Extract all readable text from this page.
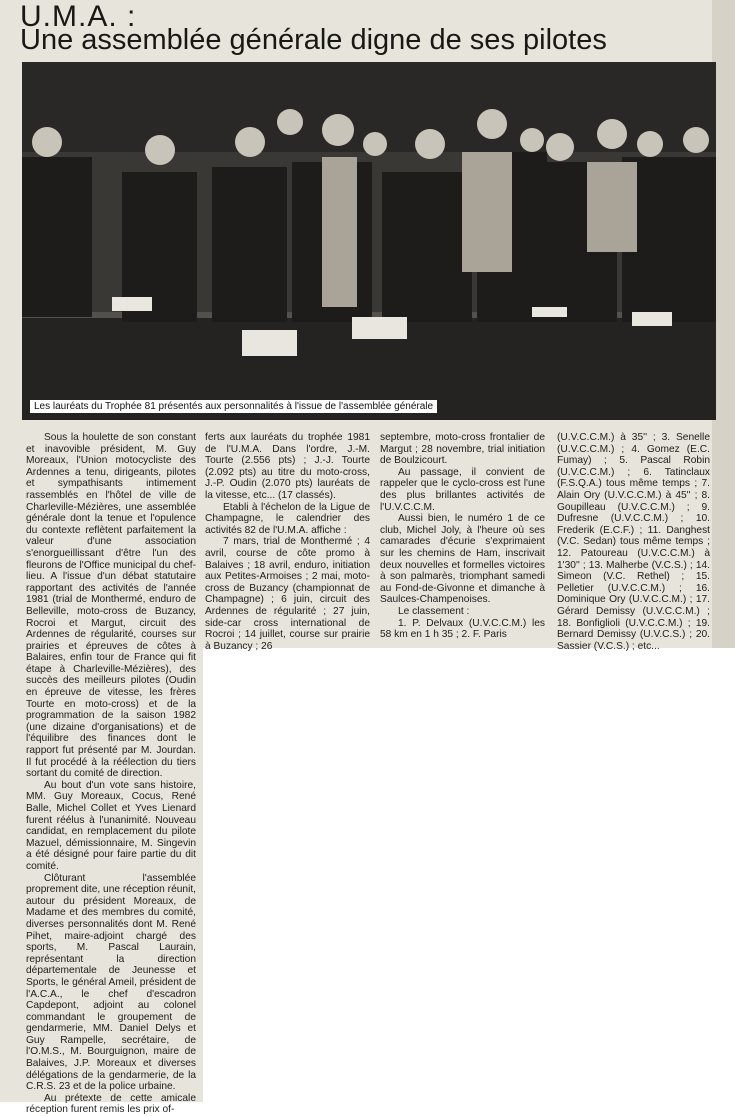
U.M.A. :
Une assemblée générale digne de ses pilotes
Les lauréats du Trophée 81 présentés aux personnalités à l'issue de l'assemblée générale

Sous la houlette de son constant et inavovible président, M. Guy Moreaux, l'Union motocycliste des Ardennes a tenu, dirigeants, pilotes et sympathisants intimement rassemblés en l'hôtel de ville de Charleville-Mézières, une assemblée générale dont la tenue et l'opulence du contexte reflètent parfaitement la valeur d'une association s'enorgueillissant d'être l'un des fleurons de l'Office municipal du chef-lieu. A l'issue d'un débat statutaire rapportant des activités de l'année 1981 (trial de Monthermé, enduro de Belleville, moto-cross de Buzancy, Rocroi et Margut, circuit des Ardennes de régularité, courses sur prairies et épreuves de côtes à Balaires, enfin tour de France qui fit étape à Charleville-Mézières), des succès des meilleurs pilotes (Oudin en épreuve de vitesse, les frères Tourte en moto-cross) et de la programmation de la saison 1982 (une dizaine d'organisations) et de l'équilibre des finances dont le rapport fut présenté par M. Jourdan. Il fut procédé à la réélection du tiers sortant du comité de direction.

Au bout d'un vote sans histoire, MM. Guy Moreaux, Cocus, René Balle, Michel Collet et Yves Lienard furent réélus à l'unanimité. Nouveau candidat, en remplacement du pilote Mazuel, démissionnaire, M. Singevin a été désigné pour faire partie du dit comité.

Clôturant l'assemblée proprement dite, une réception réunit, autour du président Moreaux, de Madame et des membres du comité, diverses personnalités dont M. René Pihet, maire-adjoint chargé des sports, M. Pascal Laurain, représentant la direction départementale de Jeunesse et Sports, le général Ameil, président de l'A.C.A., le chef d'escadron Capdepont, adjoint au colonel commandant le groupement de gendarmerie, MM. Daniel Delys et Guy Rampelle, secrétaire, de l'O.M.S., M. Bourguignon, maire de Balaives, J.P. Moreaux et diverses délégations de la gendarmerie, de la C.R.S. 23 et de la police urbaine.

Au prétexte de cette amicale réception furent remis les prix of-

ferts aux lauréats du trophée 1981 de l'U.M.A. Dans l'ordre, J.-M. Tourte (2.556 pts) ; J.-J. Tourte (2.092 pts) au titre du moto-cross, J.-P. Oudin (2.070 pts) lauréats de la vitesse, etc... (17 classés).

Etabli à l'échelon de la Ligue de Champagne, le calendrier des activités 82 de l'U.M.A. affiche :

7 mars, trial de Monthermé ; 4 avril, course de côte promo à Balaives ; 18 avril, enduro, initiation aux Petites-Armoises ; 2 mai, moto-cross de Buzancy (championnat de Champagne) ; 6 juin, circuit des Ardennes de régularité ; 27 juin, side-car cross international de Rocroi ; 14 juillet, course sur prairie à Buzancy ; 26

septembre, moto-cross frontalier de Margut ; 28 novembre, trial initiation de Boulzicourt.

Au passage, il convient de rappeler que le cyclo-cross est l'une des plus brillantes activités de l'U.V.C.C.M.

Aussi bien, le numéro 1 de ce club, Michel Joly, à l'heure où ses camarades d'écurie s'exprimaient sur les chemins de Ham, inscrivait deux nouvelles et formelles victoires à son palmarès, triomphant samedi au Fond-de-Givonne et dimanche à Saulces-Champenoises.

Le classement :

1. P. Delvaux (U.V.C.C.M.) les 58 km en 1 h 35 ; 2. F. Paris

(U.V.C.C.M.) à 35'' ; 3. Senelle (U.V.C.C.M.) ; 4. Gomez (E.C. Fumay) ; 5. Pascal Robin (U.V.C.C.M.) ; 6. Tatinclaux (F.S.Q.A.) tous même temps ; 7. Alain Ory (U.V.C.C.M.) à 45'' ; 8. Goupilleau (U.V.C.C.M.) ; 9. Dufresne (U.V.C.C.M.) ; 10. Frederik (E.C.F.) ; 11. Danghest (V.C. Sedan) tous même temps ; 12. Patoureau (U.V.C.C.M.) à 1'30'' ; 13. Malherbe (V.C.S.) ; 14. Simeon (V.C. Rethel) ; 15. Pelletier (U.V.C.C.M.) ; 16. Dominique Ory (U.V.C.C.M.) ; 17. Gérard Demissy (U.V.C.C.M.) ; 18. Bonfiglioli (U.V.C.C.M.) ; 19. Bernard Demissy (U.V.C.S.) ; 20. Sassier (V.C.S.) ; etc...
